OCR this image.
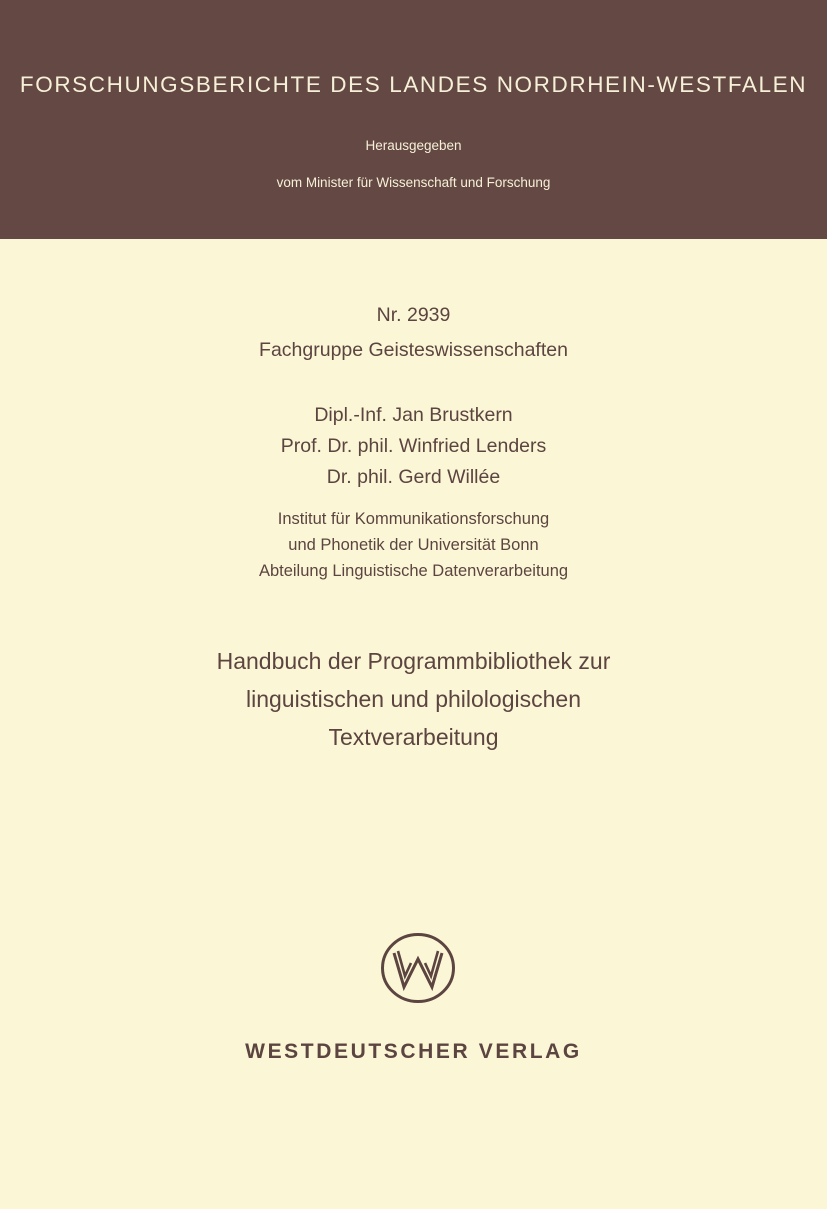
FORSCHUNGSBERICHTE DES LANDES NORDRHEIN-WESTFALEN
Herausgegeben
vom Minister für Wissenschaft und Forschung
Nr. 2939
Fachgruppe Geisteswissenschaften
Dipl.-Inf. Jan Brustkern
Prof. Dr. phil. Winfried Lenders
Dr. phil. Gerd Willée
Institut für Kommunikationsforschung
und Phonetik der Universität Bonn
Abteilung Linguistische Datenverarbeitung
Handbuch der Programmbibliothek zur
linguistischen und philologischen
Textverarbeitung
WESTDEUTSCHER VERLAG
